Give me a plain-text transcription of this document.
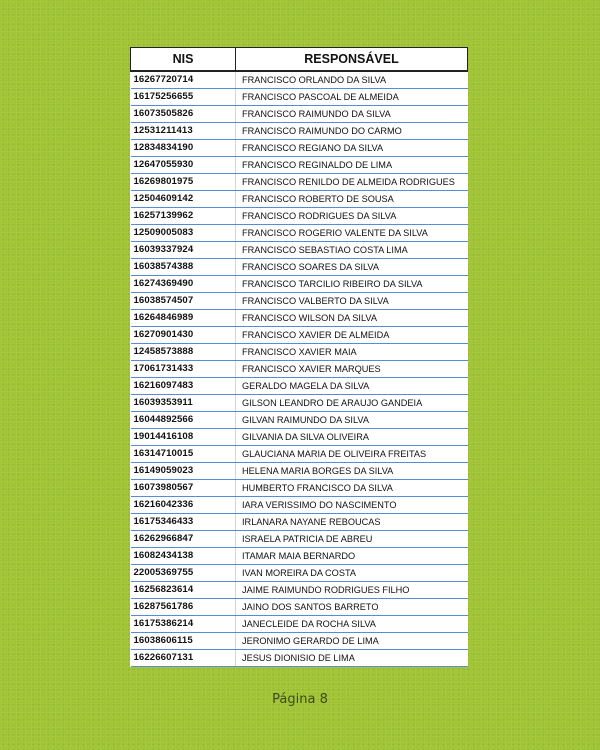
NIS	RESPONSÁVEL
16267720714	FRANCISCO ORLANDO DA SILVA
16175256655	FRANCISCO PASCOAL DE ALMEIDA
16073505826	FRANCISCO RAIMUNDO DA SILVA
12531211413	FRANCISCO RAIMUNDO DO CARMO
12834834190	FRANCISCO REGIANO DA SILVA
12647055930	FRANCISCO REGINALDO DE LIMA
16269801975	FRANCISCO RENILDO DE ALMEIDA RODRIGUES
12504609142	FRANCISCO ROBERTO DE SOUSA
16257139962	FRANCISCO RODRIGUES DA SILVA
12509005083	FRANCISCO ROGERIO VALENTE DA SILVA
16039337924	FRANCISCO SEBASTIAO COSTA LIMA
16038574388	FRANCISCO SOARES DA SILVA
16274369490	FRANCISCO TARCILIO RIBEIRO DA SILVA
16038574507	FRANCISCO VALBERTO DA SILVA
16264846989	FRANCISCO WILSON DA SILVA
16270901430	FRANCISCO XAVIER DE ALMEIDA
12458573888	FRANCISCO XAVIER MAIA
17061731433	FRANCISCO XAVIER MARQUES
16216097483	GERALDO MAGELA DA SILVA
16039353911	GILSON LEANDRO DE ARAUJO GANDEIA
16044892566	GILVAN RAIMUNDO DA SILVA
19014416108	GILVANIA DA SILVA OLIVEIRA
16314710015	GLAUCIANA MARIA DE OLIVEIRA FREITAS
16149059023	HELENA MARIA BORGES DA SILVA
16073980567	HUMBERTO FRANCISCO DA SILVA
16216042336	IARA VERISSIMO DO NASCIMENTO
16175346433	IRLANARA NAYANE REBOUCAS
16262966847	ISRAELA PATRICIA DE ABREU
16082434138	ITAMAR MAIA BERNARDO
22005369755	IVAN MOREIRA DA COSTA
16256823614	JAIME RAIMUNDO RODRIGUES FILHO
16287561786	JAINO DOS SANTOS BARRETO
16175386214	JANECLEIDE DA ROCHA SILVA
16038606115	JERONIMO GERARDO DE LIMA
16226607131	JESUS DIONISIO DE LIMA
Página 8
